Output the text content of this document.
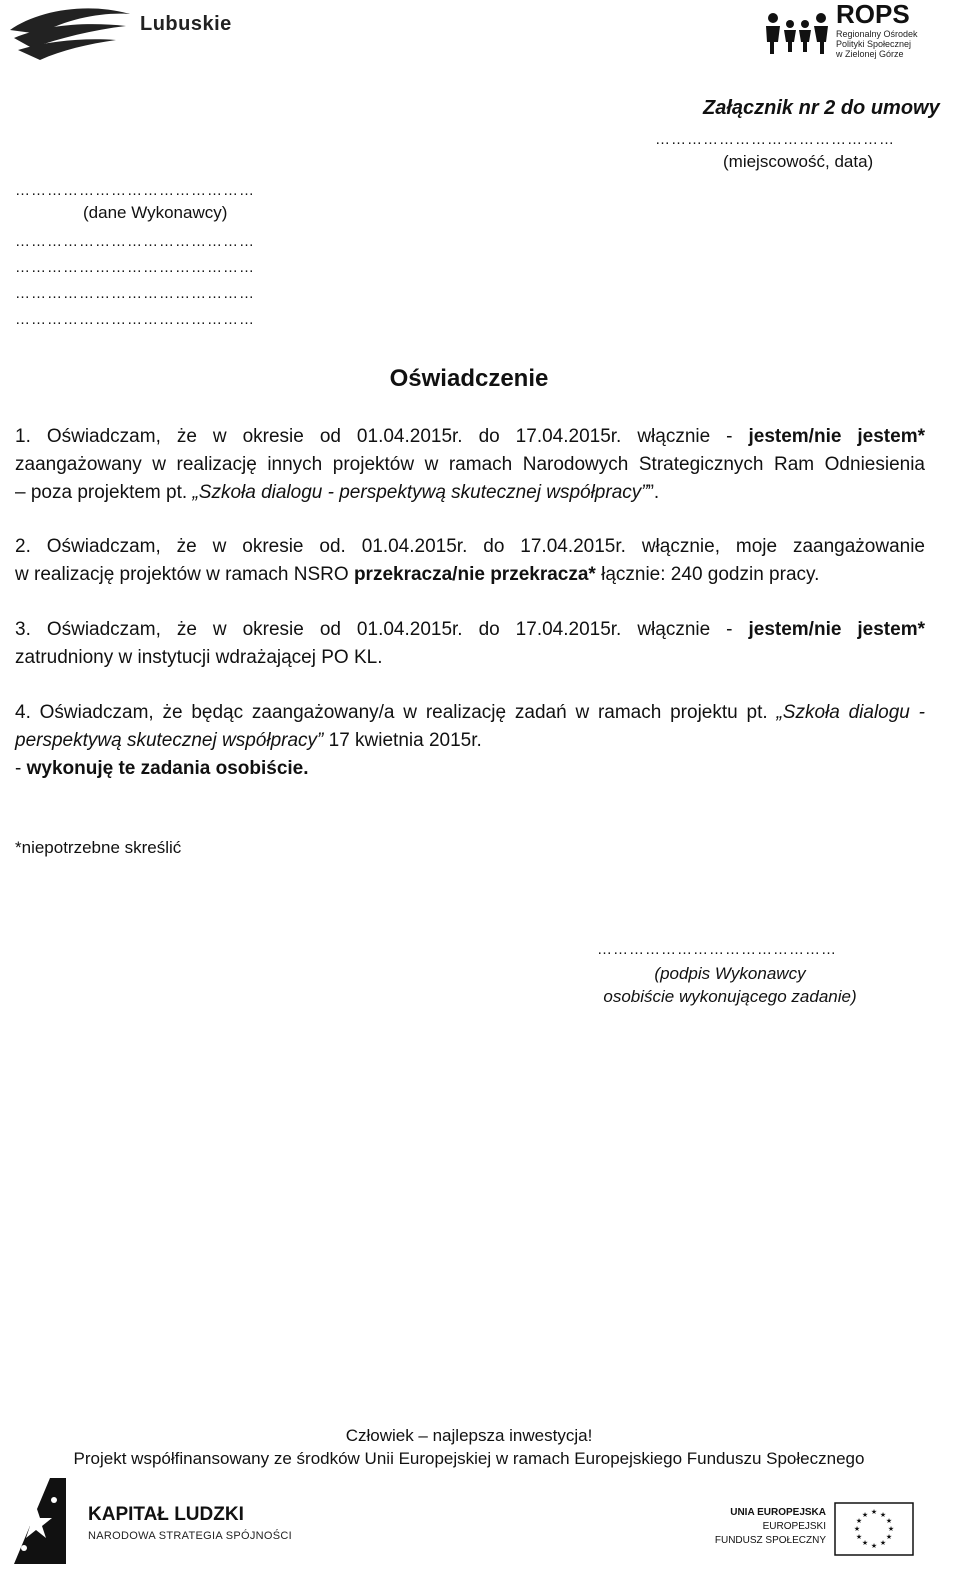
Lubuskie	ROPS
Regionalny Ośrodek
Polityki Społecznej
w Zielonej Górze
Załącznik nr 2 do umowy
………………………………………
(miejscowość, data)
………………………………………
(dane Wykonawcy)
………………………………………
………………………………………
………………………………………
………………………………………
Oświadczenie
1. Oświadczam, że w okresie od 01.04.2015r. do 17.04.2015r. włącznie - jestem/nie jestem*
zaangażowany w realizację innych projektów w ramach Narodowych Strategicznych Ram Odniesienia
– poza projektem pt. „Szkoła dialogu - perspektywą skutecznej współpracy””.
2. Oświadczam, że w okresie od. 01.04.2015r. do 17.04.2015r. włącznie, moje zaangażowanie
w realizację projektów w ramach NSRO przekracza/nie przekracza* łącznie: 240 godzin pracy.
3. Oświadczam, że w okresie od 01.04.2015r. do 17.04.2015r. włącznie - jestem/nie jestem*
zatrudniony w instytucji wdrażającej PO KL.
4. Oświadczam, że będąc zaangażowany/a w realizację zadań w ramach projektu pt. „Szkoła dialogu -
perspektywą skutecznej współpracy” 17 kwietnia 2015r.
- wykonuję te zadania osobiście.
*niepotrzebne skreślić
………………………………………
(podpis Wykonawcy
osobiście wykonującego zadanie)
Człowiek – najlepsza inwestycja!
Projekt współfinansowany ze środków Unii Europejskiej w ramach Europejskiego Funduszu Społecznego
KAPITAŁ LUDZKI
NARODOWA STRATEGIA SPÓJNOŚCI
UNIA EUROPEJSKA
EUROPEJSKI
FUNDUSZ SPOŁECZNY
★ ★
★
★
★
★
★
★
★
★
★
★
